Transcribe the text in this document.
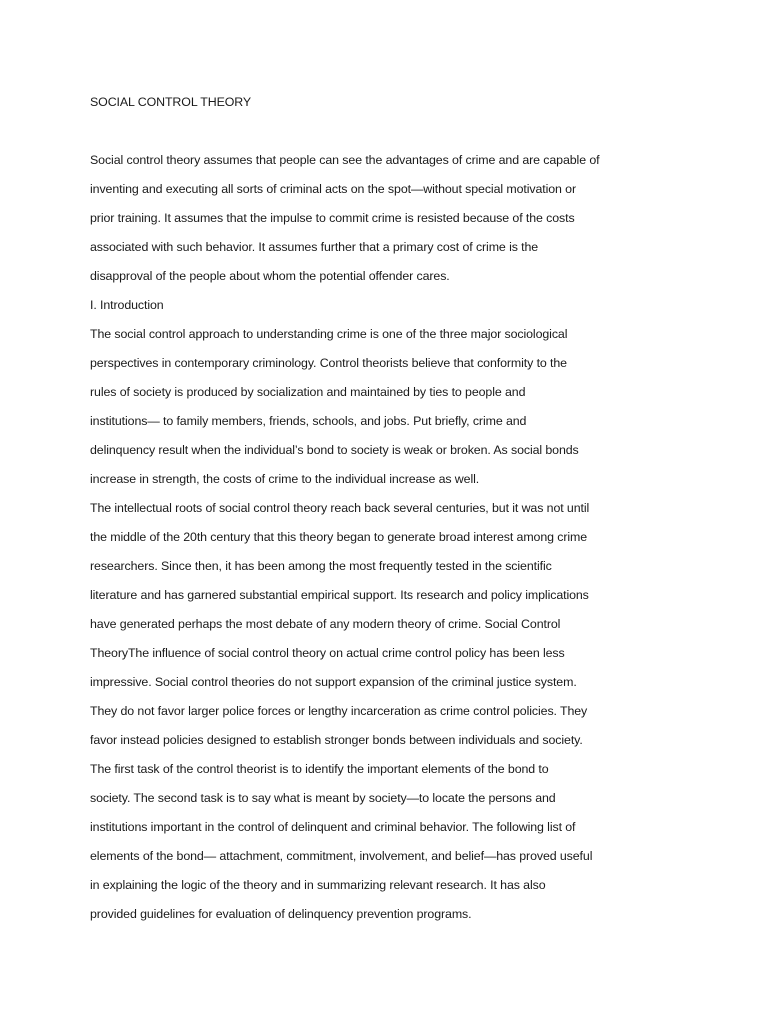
SOCIAL CONTROL THEORY
Social control theory assumes that people can see the advantages of crime and are capable of
inventing and executing all sorts of criminal acts on the spot—without special motivation or
prior training. It assumes that the impulse to commit crime is resisted because of the costs
associated with such behavior. It assumes further that a primary cost of crime is the
disapproval of the people about whom the potential offender cares.
I. Introduction
The social control approach to understanding crime is one of the three major sociological
perspectives in contemporary criminology. Control theorists believe that conformity to the
rules of society is produced by socialization and maintained by ties to people and
institutions— to family members, friends, schools, and jobs. Put briefly, crime and
delinquency result when the individual’s bond to society is weak or broken. As social bonds
increase in strength, the costs of crime to the individual increase as well.
The intellectual roots of social control theory reach back several centuries, but it was not until
the middle of the 20th century that this theory began to generate broad interest among crime
researchers. Since then, it has been among the most frequently tested in the scientific
literature and has garnered substantial empirical support. Its research and policy implications
have generated perhaps the most debate of any modern theory of crime. Social Control
TheoryThe influence of social control theory on actual crime control policy has been less
impressive. Social control theories do not support expansion of the criminal justice system.
They do not favor larger police forces or lengthy incarceration as crime control policies. They
favor instead policies designed to establish stronger bonds between individuals and society.
The first task of the control theorist is to identify the important elements of the bond to
society. The second task is to say what is meant by society—to locate the persons and
institutions important in the control of delinquent and criminal behavior. The following list of
elements of the bond— attachment, commitment, involvement, and belief—has proved useful
in explaining the logic of the theory and in summarizing relevant research. It has also
provided guidelines for evaluation of delinquency prevention programs.
